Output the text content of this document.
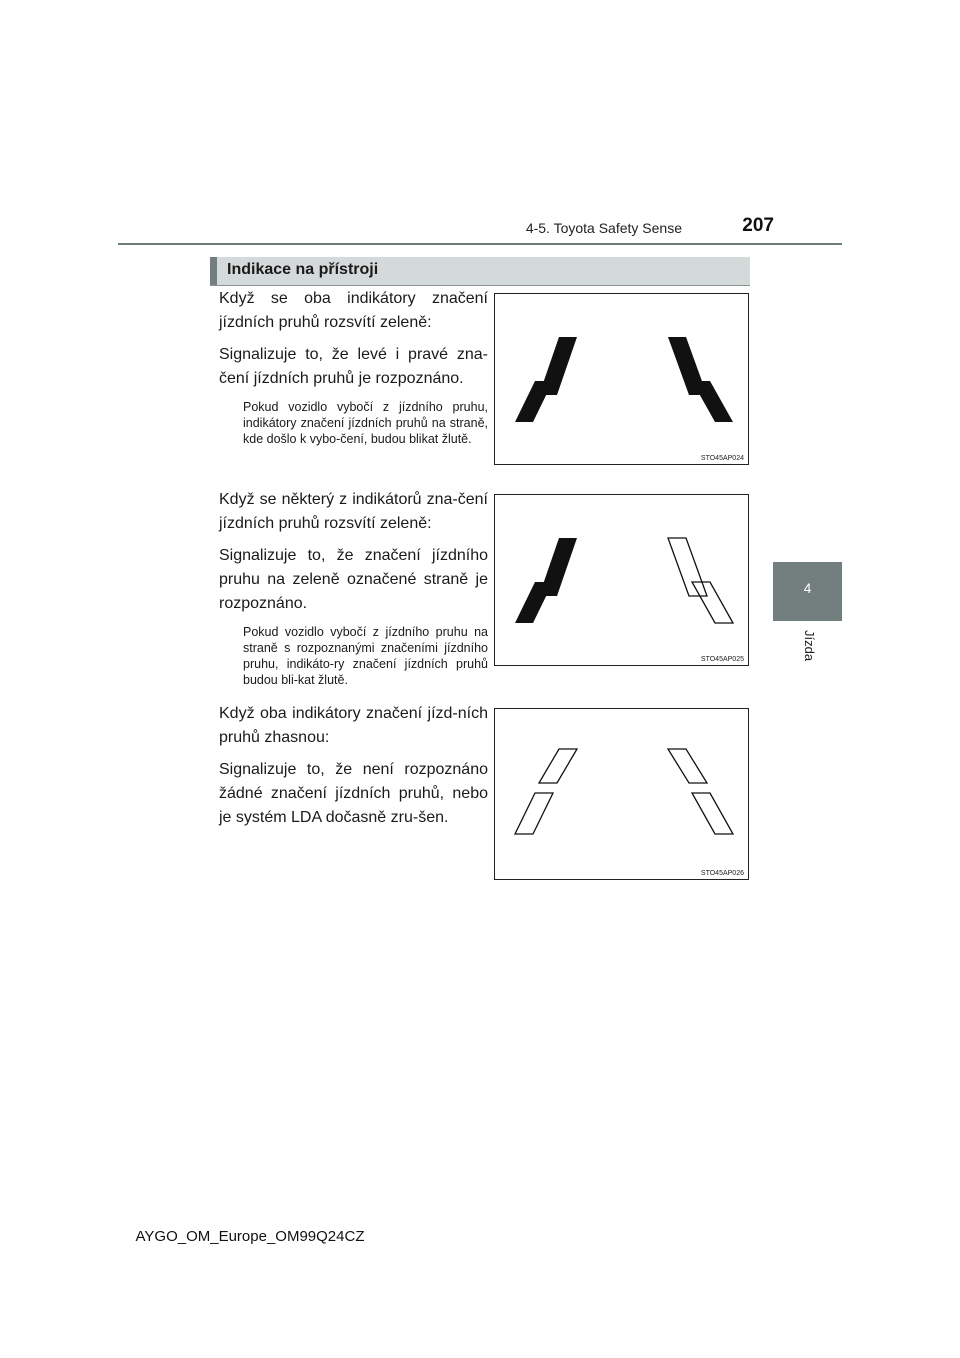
4-5. Toyota Safety Sense	207
4
Jízda
Indikace na přístroji

Když se oba indikátory značení jízdních pruhů rozsvítí zeleně:

Signalizuje to, že levé i pravé zna-čení jízdních pruhů je rozpoznáno.

Pokud vozidlo vybočí z jízdního pruhu, indikátory značení jízdních pruhů na straně, kde došlo k vybo-čení, budou blikat žlutě.

STO45AP024

Když se některý z indikátorů zna-čení jízdních pruhů rozsvítí zeleně:

Signalizuje to, že značení jízdního pruhu na zeleně označené straně je rozpoznáno.

Pokud vozidlo vybočí z jízdního pruhu na straně s rozpoznanými značeními jízdního pruhu, indikáto-ry značení jízdních pruhů budou bli-kat žlutě.

STO45AP025

Když oba indikátory značení jízd-ních pruhů zhasnou:

Signalizuje to, že není rozpoznáno žádné značení jízdních pruhů, nebo je systém LDA dočasně zru-šen.

STO45AP026
AYGO_OM_Europe_OM99Q24CZ
